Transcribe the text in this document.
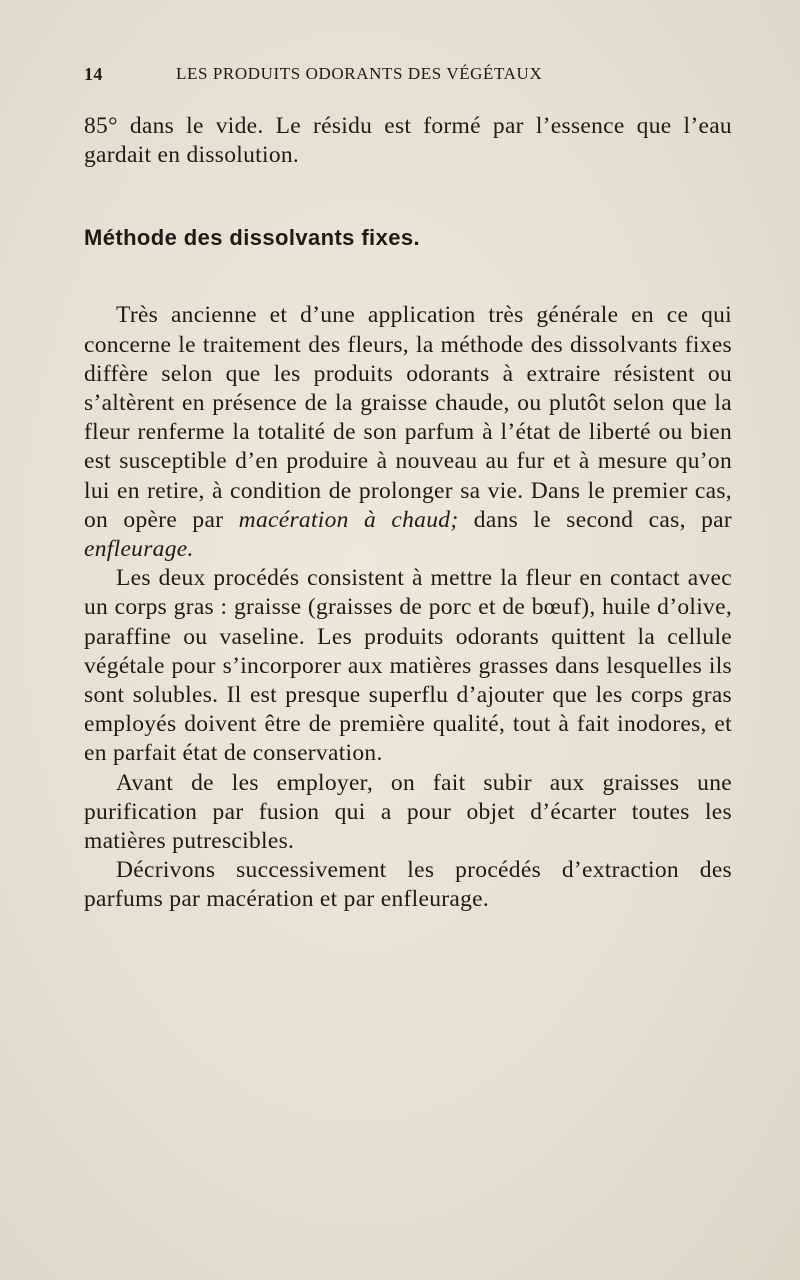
14	LES PRODUITS ODORANTS DES VÉGÉTAUX

85° dans le vide. Le résidu est formé par l’essence que l’eau gardait en dissolution.

Méthode des dissolvants fixes.

Très ancienne et d’une application très générale en ce qui concerne le traitement des fleurs, la méthode des dissolvants fixes diffère selon que les produits odorants à extraire résistent ou s’altèrent en présence de la graisse chaude, ou plutôt selon que la fleur renferme la totalité de son parfum à l’état de liberté ou bien est susceptible d’en produire à nouveau au fur et à mesure qu’on lui en retire, à condition de prolonger sa vie. Dans le premier cas, on opère par macération à chaud; dans le second cas, par enfleurage.

Les deux procédés consistent à mettre la fleur en contact avec un corps gras : graisse (graisses de porc et de bœuf), huile d’olive, paraffine ou vaseline. Les produits odorants quittent la cellule végétale pour s’incorporer aux matières grasses dans lesquelles ils sont solubles. Il est presque superflu d’ajouter que les corps gras employés doivent être de première qualité, tout à fait inodores, et en parfait état de conservation.

Avant de les employer, on fait subir aux graisses une purification par fusion qui a pour objet d’écarter toutes les matières putrescibles.

Décrivons successivement les procédés d’extraction des parfums par macération et par enfleurage.
